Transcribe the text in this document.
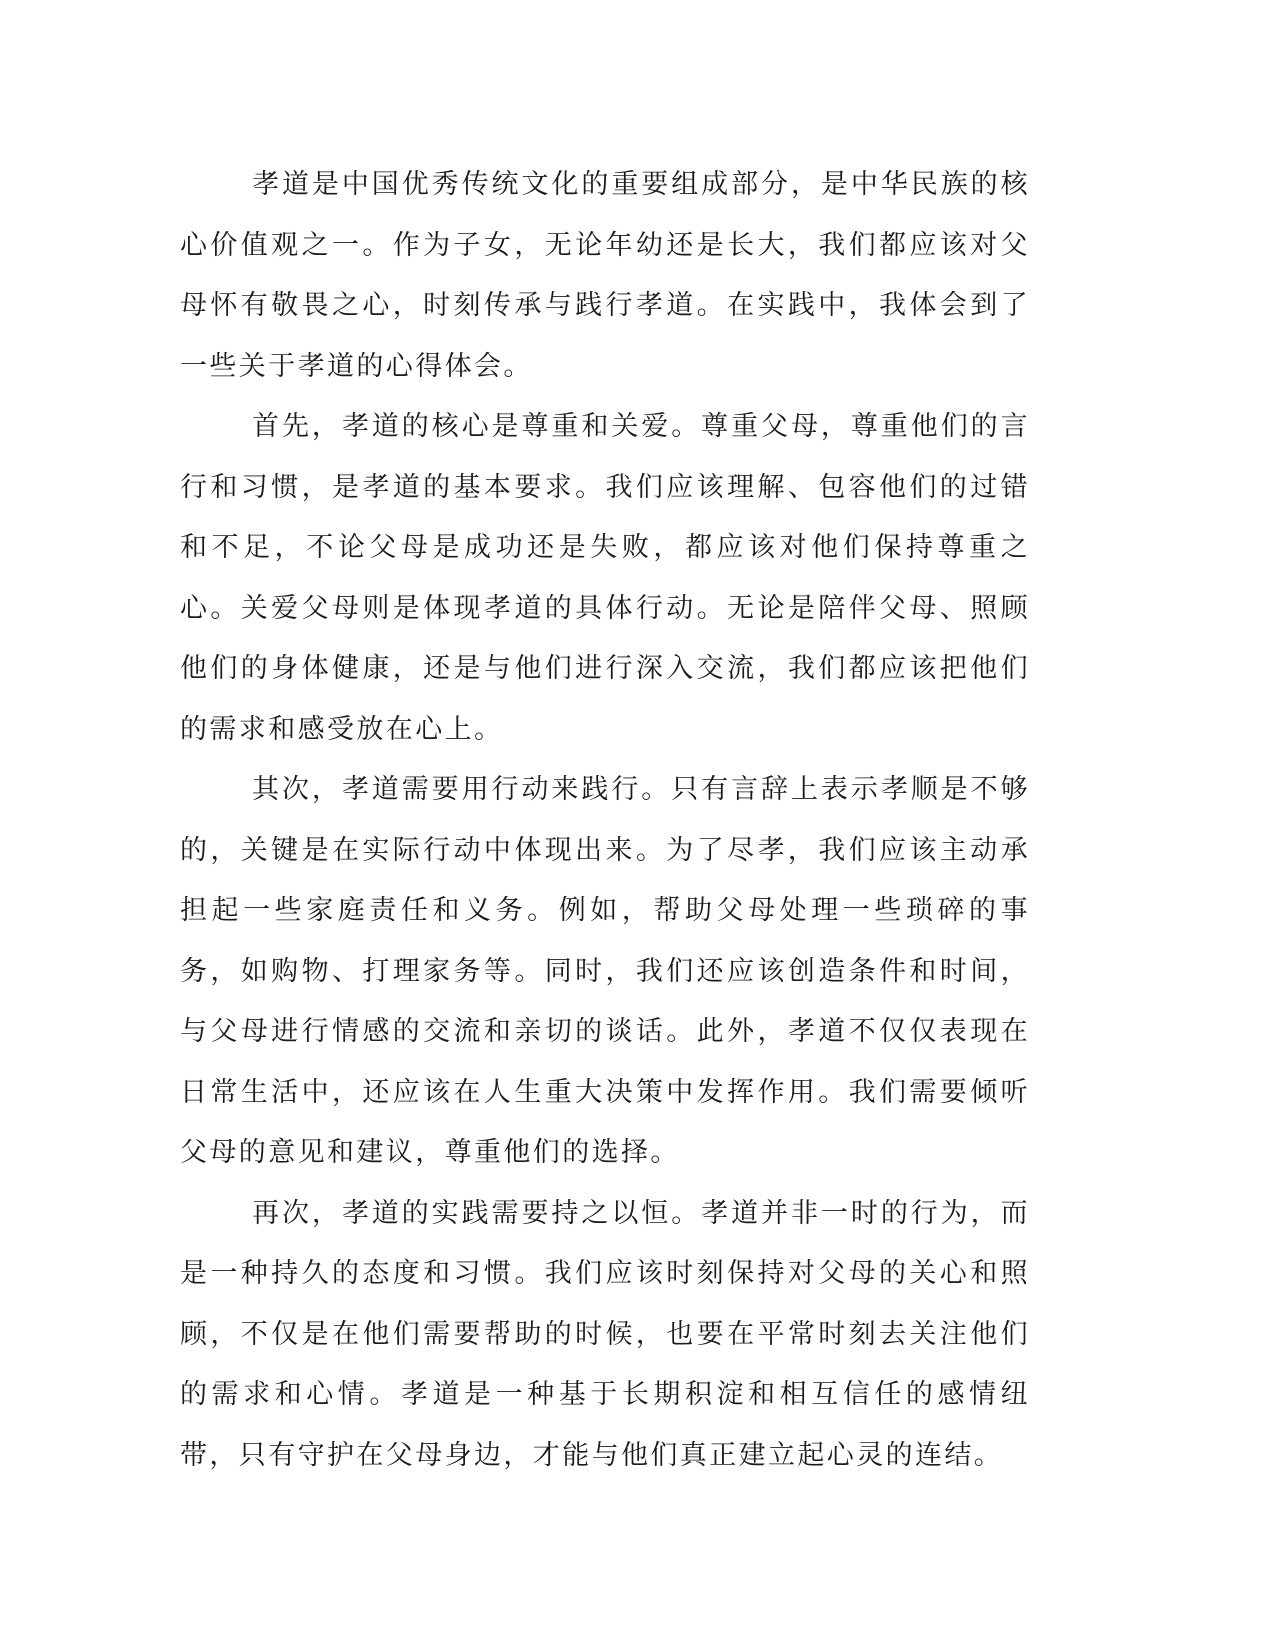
孝道是中国优秀传统文化的重要组成部分，是中华民族的核心价值观之一。作为子女，无论年幼还是长大，我们都应该对父母怀有敬畏之心，时刻传承与践行孝道。在实践中，我体会到了一些关于孝道的心得体会。

首先，孝道的核心是尊重和关爱。尊重父母，尊重他们的言行和习惯，是孝道的基本要求。我们应该理解、包容他们的过错和不足，不论父母是成功还是失败，都应该对他们保持尊重之心。关爱父母则是体现孝道的具体行动。无论是陪伴父母、照顾他们的身体健康，还是与他们进行深入交流，我们都应该把他们的需求和感受放在心上。

其次，孝道需要用行动来践行。只有言辞上表示孝顺是不够的，关键是在实际行动中体现出来。为了尽孝，我们应该主动承担起一些家庭责任和义务。例如，帮助父母处理一些琐碎的事务，如购物、打理家务等。同时，我们还应该创造条件和时间，与父母进行情感的交流和亲切的谈话。此外，孝道不仅仅表现在日常生活中，还应该在人生重大决策中发挥作用。我们需要倾听父母的意见和建议，尊重他们的选择。

再次，孝道的实践需要持之以恒。孝道并非一时的行为，而是一种持久的态度和习惯。我们应该时刻保持对父母的关心和照顾，不仅是在他们需要帮助的时候，也要在平常时刻去关注他们的需求和心情。孝道是一种基于长期积淀和相互信任的感情纽带，只有守护在父母身边，才能与他们真正建立起心灵的连结。
